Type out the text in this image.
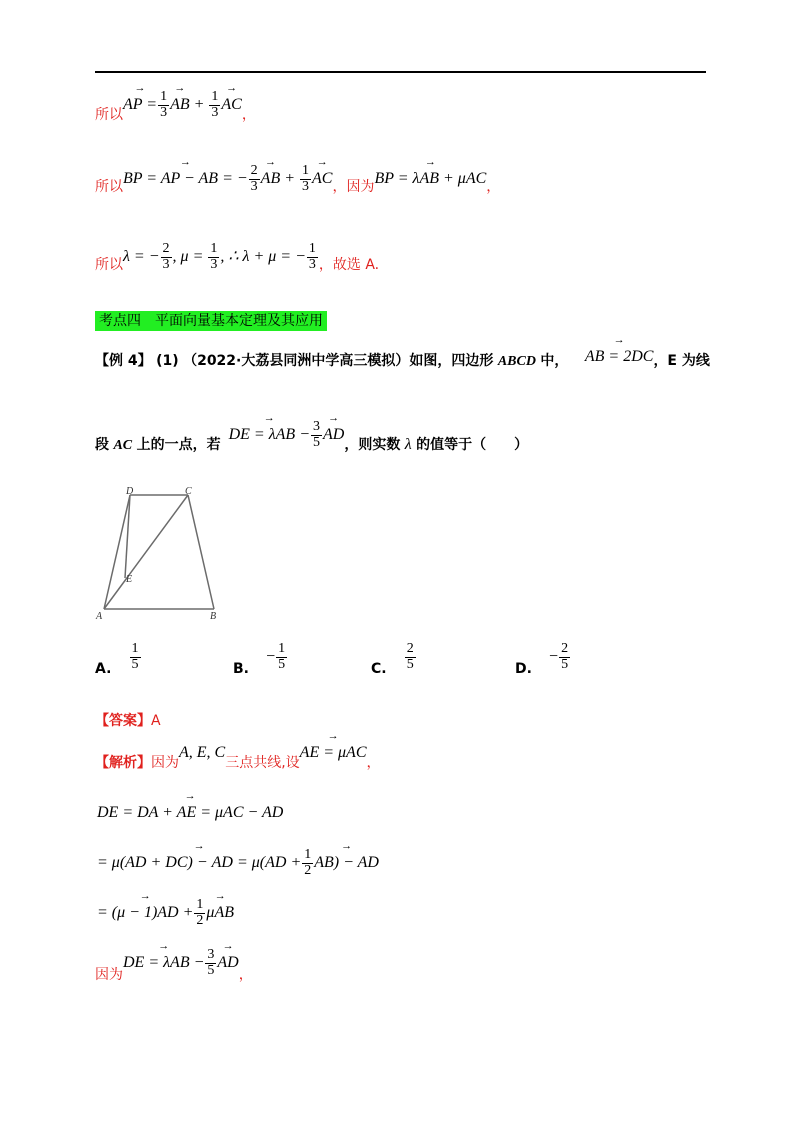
所以→ AP = $\frac{1}{3}$
→ AB + $\frac{1}{3}$
→ AC，
所以→ BP = AP − AB = − $\frac{2}{3}$
→ AB + $\frac{1}{3}$
→ AC，因为→ BP = λAB + μAC，
所以λ = − $\frac{2}{3}$ , $\mu = \frac{1}{3}$ , ∴ λ + μ = − $\frac{1}{3}$ ，故选 A.
考点四　平面向量基本定理及其应用
【例 4】 (1) （2022·大荔县同洲中学高三模拟）如图，四边形 ABCD 中， → AB = 2DC，E 为线
段 AC 上的一点，若→ DE = $\lambda AB - \frac{3}{5}$
→ AD，则实数 λ 的值等于（　　）
D	C
E
A	B
A. $\frac{1}{5}$	B. − $\frac{1}{5}$	C. $\frac{2}{5}$	D. − $\frac{2}{5}$
【答案】A
【解析】因为A, E, C三点共线,设→ AE = μAC，
→ DE = DA + AE = μAC − AD
→ = μ(AD + DC) − AD = $\mu(AD + \frac{1}{2}$
→ AB) − AD
→ = $(\mu - 1)AD + \frac{1}{2}$
→ μAB
因为→ DE = $\lambda AB - \frac{3}{5}$
→ AD，
